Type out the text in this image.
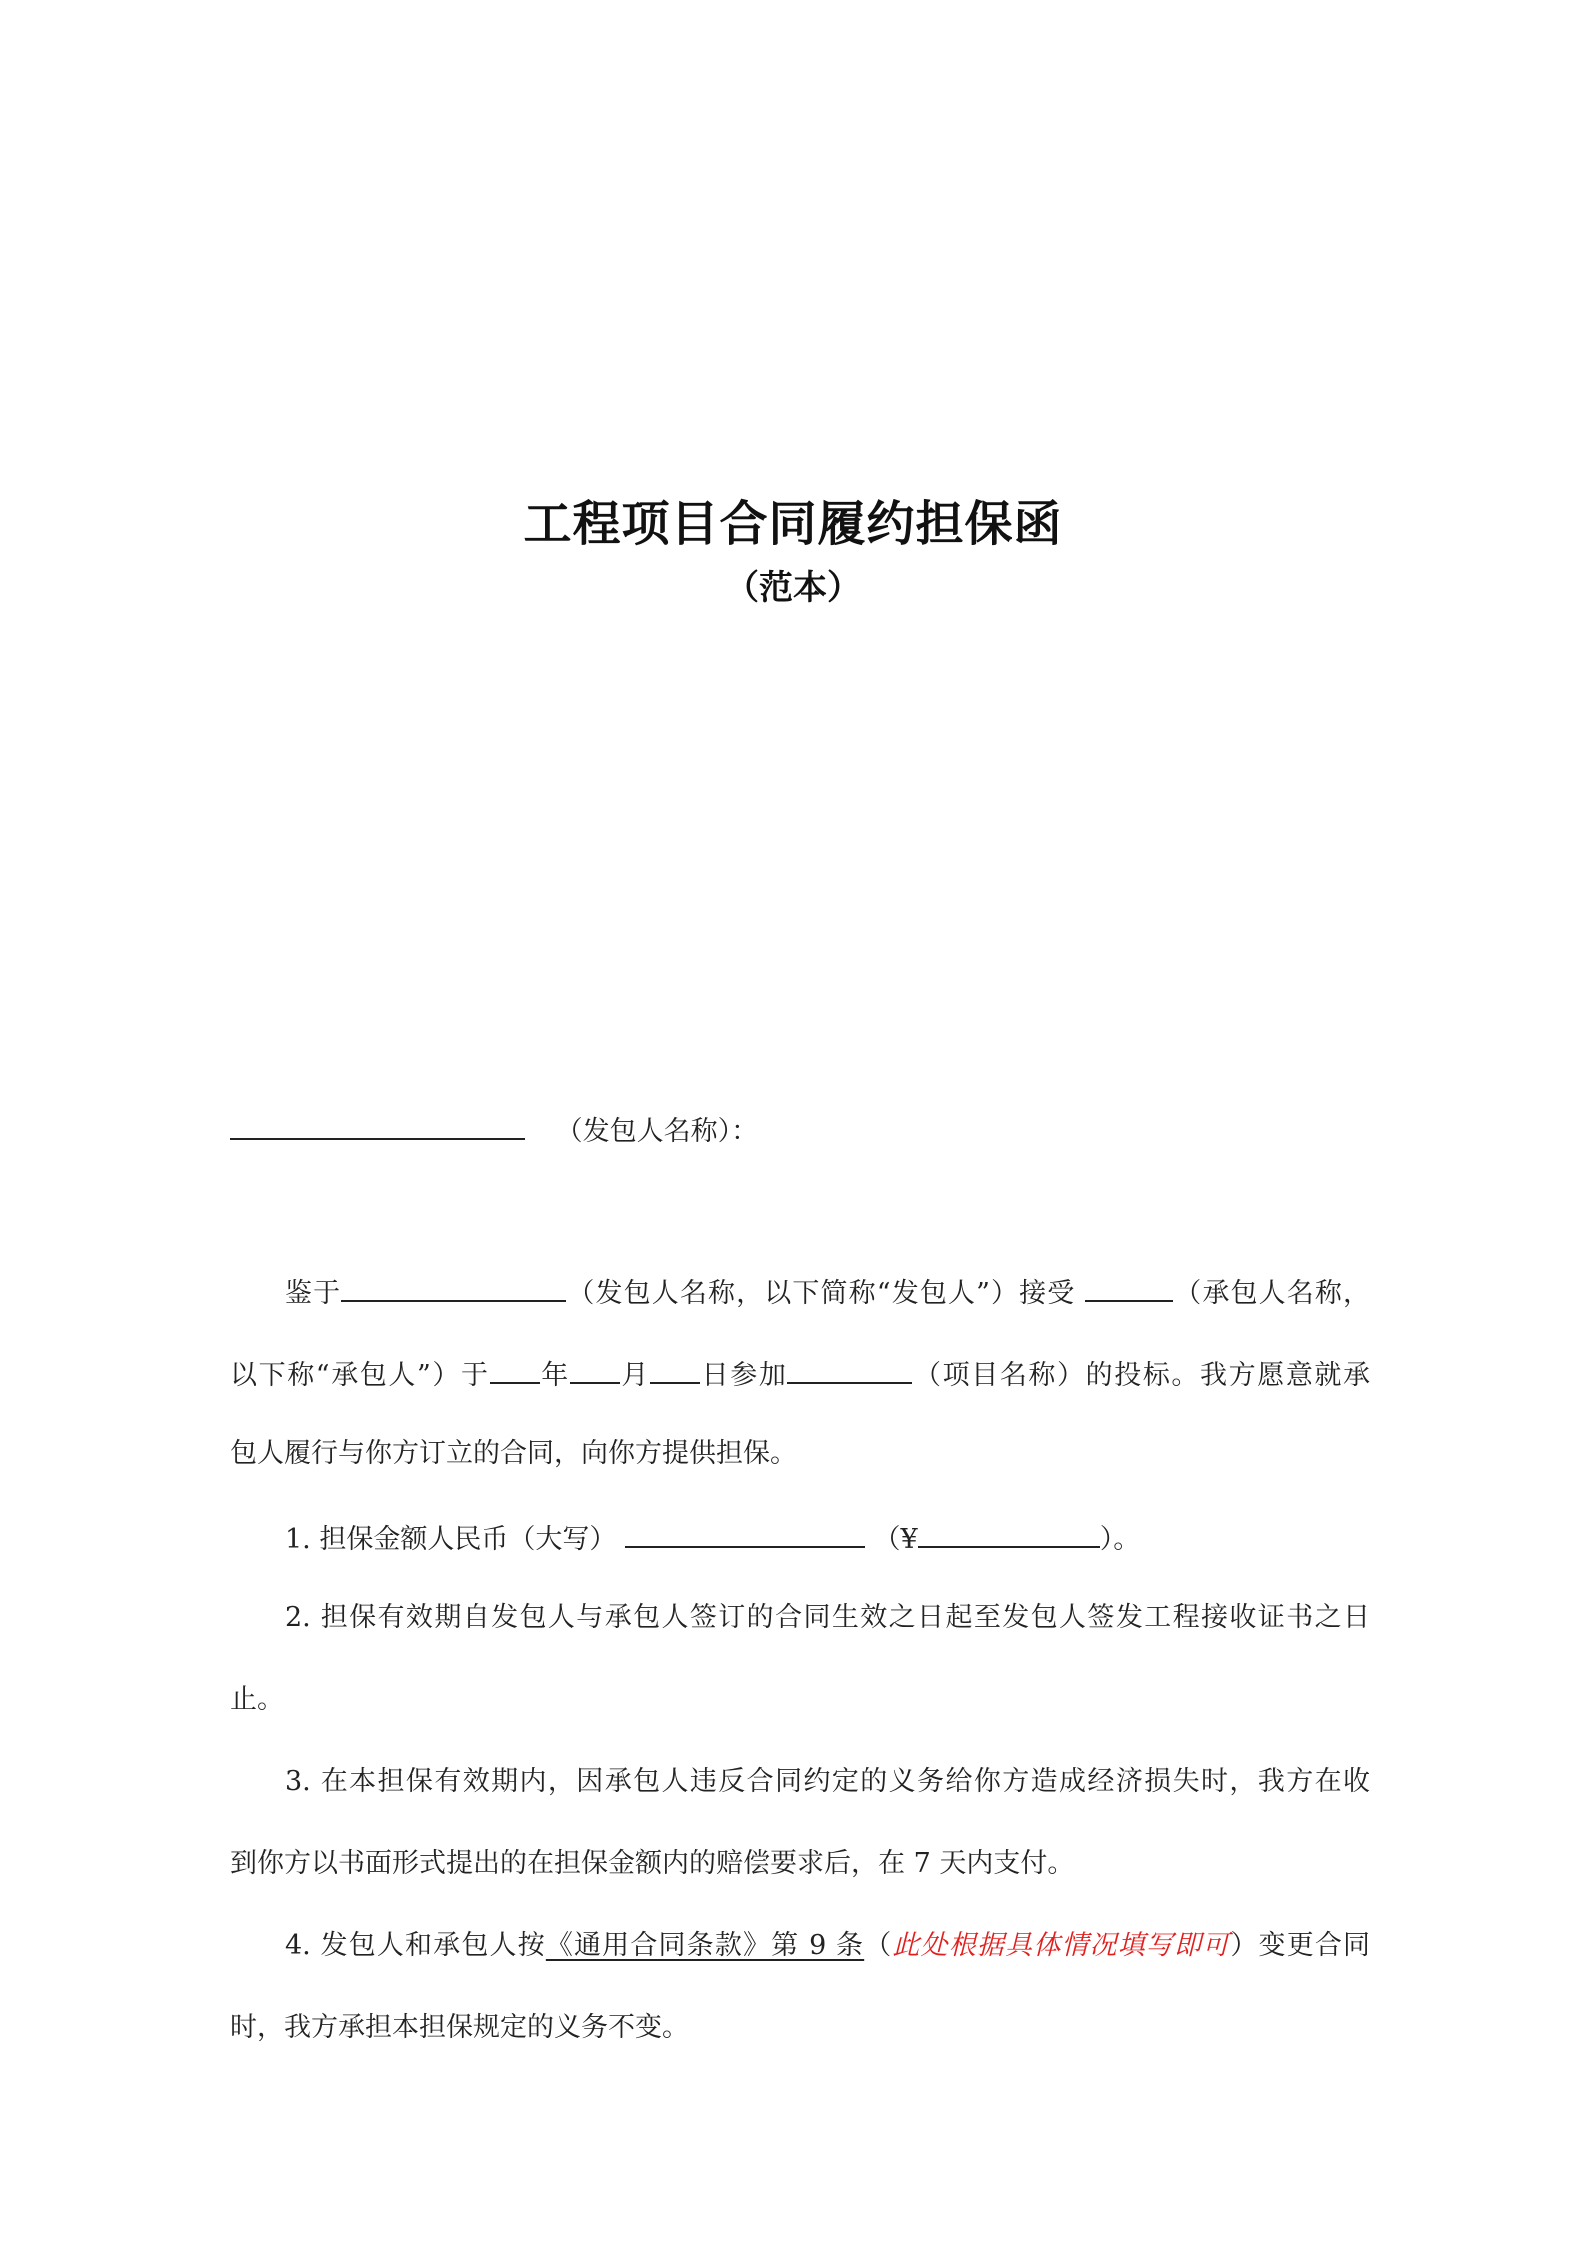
工程项目合同履约担保函
（范本）
（发包人名称）：
鉴于	（发包人名称，以下简称“发包人”）接受	（承包人名称，
以下称“承包人”）于 年 月 日参加	（项目名称）的投标。我方愿意就承
包人履行与你方订立的合同，向你方提供担保。
1. 担保金额人民币（大写）	（¥	）。
2. 担保有效期自发包人与承包人签订的合同生效之日起至发包人签发工程接收证书之日
止。
3. 在本担保有效期内，因承包人违反合同约定的义务给你方造成经济损失时，我方在收
到你方以书面形式提出的在担保金额内的赔偿要求后，在 7 天内支付。
4. 发包人和承包人按《通用合同条款》第 9 条（此处根据具体情况填写即可）变更合同
时，我方承担本担保规定的义务不变。
